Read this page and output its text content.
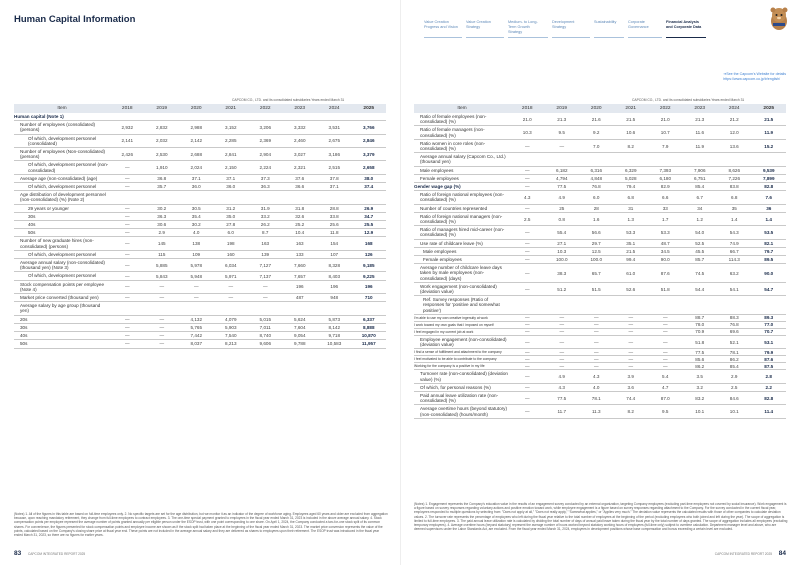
Human Capital Information	Value Creation Progress and Vision
Value Creation Strategy
Medium- to Long-Term Growth Strategy
Development Strategy
Sustainability	Corporate Governance
Financial Analysis and Corporate Data
➜See the Capcom's Website for details
https://www.capcom.co.jp/ir/english/
CAPCOM CO., LTD. and its consolidated subsidiaries Years ended March 31
Item	2018	2019	2020	2021	2022	2023	2024	2025
Human capital (Note 1)								
Number of employees (consolidated) (persons)	2,932	2,832	2,988	3,152	3,206	3,332	3,531	3,766
Of which, development personnel (consolidated)	2,141	2,032	2,142	2,285	2,369	2,460	2,675	2,846
Number of employees (Non-consolidated) (persons)	2,426	2,530	2,688	2,841	2,904	3,027	3,186	3,379
Of which, development personnel (non-consolidated)	—	1,910	2,024	2,150	2,224	2,321	2,515	2,658
Average age (non-consolidated) (age)	—	36.8	37.1	37.1	37.3	37.6	37.8	38.0
Of which, development personnel	—	35.7	36.0	36.0	36.3	36.6	37.1	37.4
Age distribution of development personnel (non-consolidated) (%) (Note 2)								
29 years or younger	—	30.2	30.5	31.2	31.9	31.8	28.8	26.9
30s	—	36.3	35.4	35.0	33.2	32.6	33.8	34.7
40s	—	30.6	30.2	27.8	26.2	25.2	25.6	25.5
50s	—	2.9	4.0	6.0	8.7	10.4	11.8	12.9
Number of new graduate hires (non-consolidated) (persons)	—	145	138	198	163	163	154	168
Of which, development personnel	—	115	109	160	139	133	107	126
Average annual salary (non-consolidated) (thousand yen) (Note 3)	—	5,885	5,978	6,034	7,127	7,660	8,328	9,185
Of which, development personnel	—	5,843	5,948	5,971	7,137	7,657	8,403	9,225
Stock compensation points per employee (Note 4)	—	—	—	—	—	196	196	196
Market price converted (thousand yen)	—	—	—	—	—	487	948	710
Average salary by age group (thousand yen)								
20s	—	—	4,132	4,079	5,015	5,624	5,873	6,337
30s	—	—	5,765	5,903	7,011	7,604	8,142	8,888
40s	—	—	7,442	7,540	8,740	9,054	9,718	10,870
50s	—	—	8,037	8,213	9,606	9,788	10,583	11,957
(Notes) 1. All of the figures in this table are based on full-time employees only. 2. No specific targets are set for the age distribution, but we monitor it as an indicator of the degree of workforce aging. Employees aged 60 years and older are excluded from aggregation because, upon reaching mandatory retirement, they change from full-time employees to contract employees. 3. The one-time special payment granted to employees in the fiscal year ended March 31, 2023 is included in the above average annual salary. 4. Stock compensation points per employee represent the average number of points granted annually per eligible person under the ESOP trust, with one point corresponding to one share. On April 1, 2024, the Company conducted a two-for-one stock split of its common shares. For convenience, the figures presented for stock compensation points and employee income are shown as if the stock split had taken place at the beginning of the fiscal year ended March 31, 2023. The market price conversion represents the value of the points, calculated based on the Company's closing share price at fiscal year end. These points are not included in the average annual salary and they are delivered as shares to employees upon their retirement. The ESOP trust was introduced in the fiscal year ended March 31, 2023, so there are no figures for earlier years.
83 CAPCOM INTEGRATED REPORT 2025
CAPCOM CO., LTD. and its consolidated subsidiaries Years ended March 31
Item	2018	2019	2020	2021	2022	2023	2024	2025
Ratio of female employees (non-consolidated) (%)	21.0	21.3	21.6	21.5	21.0	21.3	21.2	21.5
Ratio of female managers (non-consolidated) (%)	10.3	9.5	9.2	10.6	10.7	11.6	12.0	11.9
Ratio women in core roles (non-consolidated) (%)	—	—	7.0	8.2	7.9	11.9	13.6	15.2
Average annual salary (Capcom Co., Ltd.) (thousand yen)								
Male employees	—	6,182	6,316	6,329	7,393	7,906	8,626	9,539
Female employees	—	4,794	4,848	5,028	6,180	6,751	7,226	7,899
Gender wage gap (%)	—	77.5	76.8	79.4	82.9	85.4	83.8	82.8
Ratio of foreign national employees (non-consolidated) (%)	4.3	4.9	6.0	6.8	6.6	6.7	6.8	7.6
Number of countries represented	—	25	28	31	33	34	35	36
Ratio of foreign national managers (non-consolidated) (%)	2.5	0.8	1.6	1.3	1.7	1.2	1.4	1.4
Ratio of managers hired mid-career (non-consolidated) (%)	—	55.4	56.6	53.3	53.3	54.0	54.3	53.5
Use rate of childcare leave (%)	—	27.1	29.7	35.1	48.7	52.5	74.9	82.1
Male employees	—	10.3	12.5	21.5	34.5	45.5	66.7	79.7
Female employees	—	100.0	100.0	99.4	90.0	85.7	114.3	89.5
Average number of childcare leave days taken by male employees (non-consolidated) (days)	—	38.3	65.7	61.0	87.6	74.5	63.2	90.0
Work engagement (non-consolidated) (deviation value)	—	51.2	51.5	52.6	51.8	54.4	54.1	54.7
Ref. Survey responses (Ratio of responses for 'positive and somewhat positive')								
I'm able to use my own creative ingenuity at work	—	—	—	—	—	88.7	88.3	89.3
I work toward my own goals that I imposed on myself	—	—	—	—	—	78.0	76.8	77.0
I feel engaged in my current job at work	—	—	—	—	—	70.9	69.6	70.7
Employee engagement (non-consolidated) (deviation value)	—	—	—	—	—	51.8	52.1	53.1
I find a sense of fulfillment and attachment to the company	—	—	—	—	—	77.5	78.1	79.9
I feel motivated to be able to contribute to the company	—	—	—	—	—	85.6	86.2	87.6
Working for the company is a positive in my life	—	—	—	—	—	86.2	85.4	87.5
Turnover rate (non-consolidated) (deviation value) (%)	—	4.9	4.3	3.9	5.4	3.5	2.9	2.8
Of which, for personal reasons (%)	—	4.3	4.0	3.6	4.7	3.2	2.5	2.2
Paid annual leave utilization rate (non-consolidated) (%)	—	77.5	78.1	74.4	87.0	83.2	84.6	82.8
Average overtime hours (beyond statutory) (non-consolidated) (hours/month)	—	11.7	11.3	8.2	9.5	10.1	10.1	11.4
(Notes) 1. Engagement represents the Company's education value in the results of an engagement survey conducted by an external organization, targeting Company employees (excluding part-time employees not covered by social insurance). Work engagement is a figure based on survey responses regarding voluntary actions and positive emotion toward work, while employee engagement is a figure based on survey responses regarding attachment to the Company. For the survey conducted in the current fiscal year, employees responded to multiple questions by selecting from: "Does not apply at all," "Does not really apply," "Somewhat applies," or "Applies very much." The deviation value represents the calculated results with those of other companies to calculate deviation values. 2. The turnover rate represents the percentage of employees who left during the fiscal year relative to the total number of employees at the beginning of the period (excluding employees who both joined and left during the year). The scope of aggregation is limited to full-time employees. 3. The paid annual leave utilization rate is calculated by dividing the total number of days of annual paid leave taken during the fiscal year by the total number of days granted. The scope of aggregation includes all employees (excluding temporary employees). 4. Average overtime hours (beyond statutory) represent the average number of hours worked beyond statutory working hours of employees (full-time only) subject to overtime calculation. Department manager level and above, who are deemed supervisors under the Labor Standards Act, are excluded. From the fiscal year ended March 31, 2024, employees in development positions whose base compensation and bonus exceeding a certain level are excluded.
84
CAPCOM INTEGRATED REPORT 2025
